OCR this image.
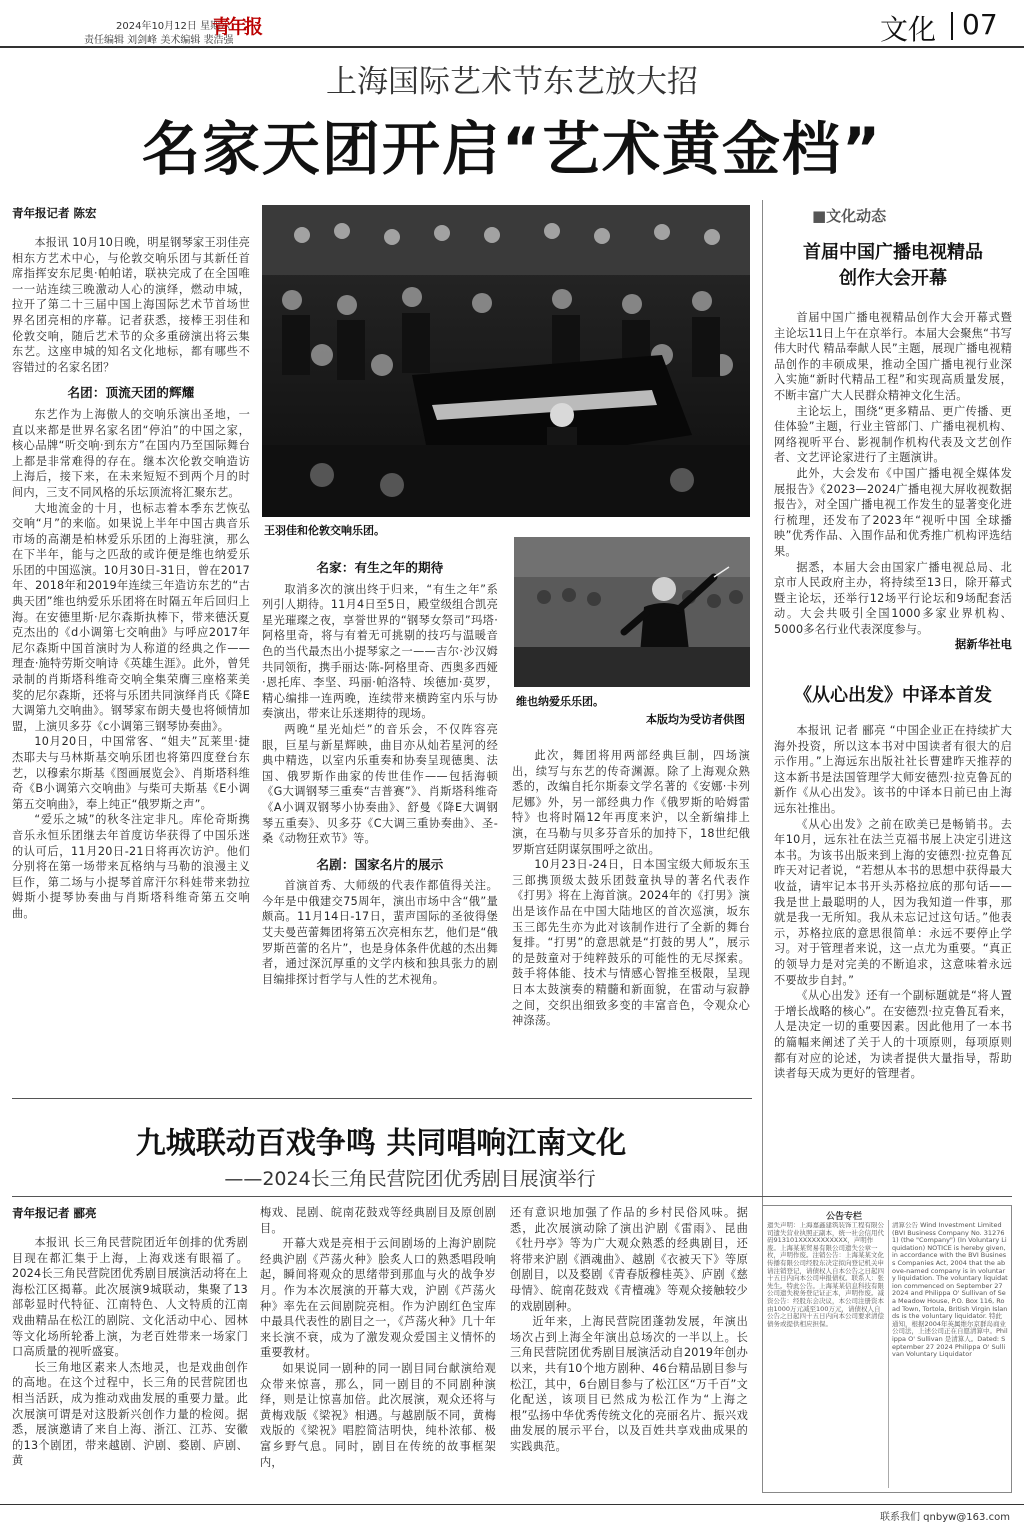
2024年10月12日 星期六
责任编辑 刘剑峰 美术编辑 裴浩强
青年报	文化 07
上海国际艺术节东艺放大招
名家天团开启“艺术黄金档”
青年报记者 陈宏

本报讯 10月10日晚，明星钢琴家王羽佳亮相东方艺术中心，与伦敦交响乐团与其新任首席指挥安东尼奥·帕帕诺，联袂完成了在全国唯一一站连续三晚激动人心的演绎，燃动申城，拉开了第二十三届中国上海国际艺术节首场世界名团亮相的序幕。记者获悉，接棒王羽佳和伦敦交响，随后艺术节的众多重磅演出将云集东艺。这座申城的知名文化地标，都有哪些不容错过的名家名团？

名团：顶流天团的辉耀

东艺作为上海傲人的交响乐演出圣地，一直以来都是世界名家名团“停泊”的中国之家，核心品牌“听交响·到东方”在国内乃至国际舞台上都是非常难得的存在。继本次伦敦交响造访上海后，接下来，在未来短短不到两个月的时间内，三支不同风格的乐坛顶流将汇聚东艺。

大地流金的十月，也标志着本季东艺恢弘交响“月”的来临。如果说上半年中国古典音乐市场的高潮是柏林爱乐乐团的上海驻演，那么在下半年，能与之匹敌的或许便是维也纳爱乐乐团的中国巡演。10月30日-31日，曾在2017年、2018年和2019年连续三年造访东艺的“古典天团”维也纳爱乐乐团将在时隔五年后回归上海。在安德里斯·尼尔森斯执棒下，带来德沃夏克杰出的《d小调第七交响曲》与呼应2017年尼尔森斯中国首演时为人称道的经典之作——理查·施特劳斯交响诗《英雄生涯》。此外，曾凭录制的肖斯塔科维奇交响全集荣膺三座格莱美奖的尼尔森斯，还将与乐团共同演绎肖氏《降E大调第九交响曲》。钢琴家布朗夫曼也将倾情加盟，上演贝多芬《c小调第三钢琴协奏曲》。

10月20日，中国常客、“姐夫”瓦莱里·捷杰耶夫与马林斯基交响乐团也将第四度登台东艺，以穆索尔斯基《图画展览会》、肖斯塔科维奇《B小调第六交响曲》与柴可夫斯基《E小调第五交响曲》，奉上纯正“俄罗斯之声”。

“爱乐之城”的秋冬注定非凡。库伦奇斯携音乐永恒乐团继去年首度访华获得了中国乐迷的认可后，11月20日-21日将再次访沪。他们分别将在第一场带来瓦格纳与马勒的浪漫主义巨作，第二场与小提琴首席汗尔科娃带来勃拉姆斯小提琴协奏曲与肖斯塔科维奇第五交响曲。

王羽佳和伦敦交响乐团。
名家：有生之年的期待

取消多次的演出终于归来，“有生之年”系列引人期待。11月4日至5日，殿堂级组合凯亮星光璀璨之夜，享誉世界的“钢琴女祭司”玛塔·阿格里奇，将与有着无可挑剔的技巧与温暖音色的当代最杰出小提琴家之一——吉尔·沙汉姆共同领衔，携手丽达·陈-阿格里奇、西奥多西娅·恩托库、李坚、玛丽·帕洛特、埃德加·莫罗，精心编排一连两晚，连续带来横跨室内乐与协奏演出，带来让乐迷期待的现场。

两晚“星光灿烂”的音乐会，不仅阵容亮眼，巨星与新星辉映，曲目亦从灿若星河的经典中精选，以室内乐重奏和协奏呈现德奥、法国、俄罗斯作曲家的传世佳作——包括海顿《G大调钢琴三重奏“吉普赛”》、肖斯塔科维奇《A小调双钢琴小协奏曲》、舒曼《降E大调钢琴五重奏》、贝多芬《C大调三重协奏曲》、圣-桑《动物狂欢节》等。

名剧：国家名片的展示

首演首秀、大师级的代表作都值得关注。今年是中俄建交75周年，演出市场中含“俄”量颇高。11月14日-17日，蜚声国际的圣彼得堡艾夫曼芭蕾舞团将第五次亮相东艺，他们是“俄罗斯芭蕾的名片”，也是身体条件优越的杰出舞者，通过深沉厚重的文学内核和独具张力的剧目编排探讨哲学与人性的艺术视角。

维也纳爱乐乐团。
本版均为受访者供图

此次，舞团将用两部经典巨制，四场演出，续写与东艺的传奇渊源。除了上海观众熟悉的，改编自托尔斯泰文学名著的《安娜·卡列尼娜》外，另一部经典力作《俄罗斯的哈姆雷特》也将时隔12年再度来沪，以全新编排上演，在马勒与贝多芬音乐的加持下，18世纪俄罗斯宫廷阴谋氛围呼之欲出。

10月23日-24日，日本国宝级大师坂东玉三郎携顶级太鼓乐团鼓童执导的著名代表作《打男》将在上海首演。2024年的《打男》演出是该作品在中国大陆地区的首次巡演，坂东玉三郎先生亦为此对该制作进行了全新的舞台复排。“打男”的意思就是“打鼓的男人”，展示的是鼓童对于纯粹鼓乐的可能性的无尽探索。鼓手将体能、技术与情感心智推至极限，呈现日本太鼓演奏的精髓和新面貌，在雷动与寂静之间，交织出细致多变的丰富音色，令观众心神涤荡。

■文化动态
首届中国广播电视精品创作大会开幕

首届中国广播电视精品创作大会开幕式暨主论坛11日上午在京举行。本届大会聚焦“书写伟大时代 精品奉献人民”主题，展现广播电视精品创作的丰硕成果，推动全国广播电视行业深入实施“新时代精品工程”和实现高质量发展，不断丰富广大人民群众精神文化生活。

主论坛上，围绕“更多精品、更广传播、更佳体验”主题，行业主管部门、广播电视机构、网络视听平台、影视制作机构代表及文艺创作者、文艺评论家进行了主题演讲。

此外，大会发布《中国广播电视全媒体发展报告》《2023—2024广播电视大屏收视数据报告》，对全国广播电视工作发生的显著变化进行梳理，还发布了2023年“视听中国 全球播映”优秀作品、入围作品和优秀推广机构评选结果。

据悉，本届大会由国家广播电视总局、北京市人民政府主办，将持续至13日，除开幕式暨主论坛，还举行12场平行论坛和9场配套活动。大会共吸引全国1000多家业界机构、5000多名行业代表深度参与。

据新华社电
《从心出发》中译本首发

本报讯 记者 郦亮 “中国企业正在持续扩大海外投资，所以这本书对中国读者有很大的启示作用。”上海远东出版社社长曹建昨天推荐的这本新书是法国管理学大师安德烈·拉克鲁瓦的新作《从心出发》。该书的中译本日前已由上海远东社推出。

《从心出发》之前在欧美已是畅销书。去年10月，远东社在法兰克福书展上决定引进这本书。为该书出版来到上海的安德烈·拉克鲁瓦昨天对记者说，“若想从本书的思想中获得最大收益，请牢记本书开头苏格拉底的那句话——我是世上最聪明的人，因为我知道一件事，那就是我一无所知。我从未忘记过这句话。”他表示，苏格拉底的意思很简单：永远不要停止学习。对于管理者来说，这一点尤为重要。“真正的领导力是对完美的不断追求，这意味着永远不要故步自封。”

《从心出发》还有一个副标题就是“将人置于增长战略的核心”。在安德烈·拉克鲁瓦看来，人是决定一切的重要因素。因此他用了一本书的篇幅来阐述了关于人的十项原则，每项原则都有对应的论述，为读者提供大量指导，帮助读者每天成为更好的管理者。

九城联动百戏争鸣 共同唱响江南文化
——2024长三角民营院团优秀剧目展演举行
青年报记者 郦亮

本报讯 长三角民营院团近年创排的优秀剧目现在都汇集于上海，上海戏迷有眼福了。2024长三角民营院团优秀剧目展演活动将在上海松江区揭幕。此次展演9城联动，集聚了13部彰显时代特征、江南特色、人文特质的江南戏曲精品在松江的剧院、文化活动中心、园林等文化场所轮番上演，为老百姓带来一场家门口高质量的视听盛宴。

长三角地区素来人杰地灵，也是戏曲创作的高地。在这个过程中，长三角的民营院团也相当活跃，成为推动戏曲发展的重要力量。此次展演可谓是对这股新兴创作力量的检阅。据悉，展演邀请了来自上海、浙江、江苏、安徽的13个剧团，带来越剧、沪剧、婺剧、庐剧、黄

梅戏、昆剧、皖南花鼓戏等经典剧目及原创剧目。

开幕大戏是亮相于云间剧场的上海沪剧院经典沪剧《芦荡火种》脍炙人口的熟悉唱段响起，瞬间将观众的思绪带到那血与火的战争岁月。作为本次展演的开幕大戏，沪剧《芦荡火种》率先在云间剧院亮相。作为沪剧红色宝库中最具代表性的剧目之一，《芦荡火种》几十年来长演不衰，成为了激发观众爱国主义情怀的重要教材。

如果说同一剧种的同一剧目同台献演给观众带来惊喜，那么，同一剧目的不同剧种演绎，则是让惊喜加倍。此次展演，观众还将与黄梅戏版《梁祝》相遇。与越剧版不同，黄梅戏版的《梁祝》唱腔简洁明快，纯朴浓郁、极富乡野气息。同时，剧目在传统的故事框架内，

还有意识地加强了作品的乡村民俗风味。据悉，此次展演动除了演出沪剧《雷雨》、昆曲《牡丹亭》等为广大观众熟悉的经典剧目，还将带来沪剧《酒魂曲》、越剧《衣被天下》等原创剧目，以及婺剧《青春版穆桂英》、庐剧《慈母情》、皖南花鼓戏《青檀魂》等观众接触较少的戏剧剧种。

近年来，上海民营院团蓬勃发展，年演出场次占到上海全年演出总场次的一半以上。长三角民营院团优秀剧目展演活动自2019年创办以来，共有10个地方剧种、46台精品剧目参与松江，其中，6台剧目参与了松江区“万千百”文化配送，该项目已然成为松江作为“上海之根”弘扬中华优秀传统文化的亮丽名片、振兴戏曲发展的展示平台，以及百姓共享戏曲成果的实践典范。

公告专栏
遗失声明：上海嘉鑫建筑装饰工程有限公司遗失营业执照正副本，统一社会信用代码913101XXXXXXXXXXX，声明作废。上海某某贸易有限公司遗失公章一枚，声明作废。注销公告：上海某某文化传播有限公司经股东决定拟向登记机关申请注销登记，请债权人自本公告之日起四十五日内向本公司申报债权。联系人：张先生。特此公告。上海某某信息科技有限公司遗失税务登记证正本，声明作废。减资公告：经股东会决议，本公司注册资本由1000万元减至100万元，请债权人自公告之日起四十五日内向本公司要求清偿债务或提供相应担保。
清算公告 Wind Investment Limited (BVI Business Company No. 312761) (the "Company") (In Voluntary Liquidation) NOTICE is hereby given, in accordance with the BVI Business Companies Act, 2004 that the above-named company is in voluntary liquidation. The voluntary liquidation commenced on September 27 2024 and Philippa O' Sullivan of Sea Meadow House, P.O. Box 116, Road Town, Tortola, British Virgin Islands is the voluntary liquidator. 特此通知，根据2004年英属维尔京群岛商业公司法，上述公司正在自愿清算中。Philippa O' Sullivan 是清算人。Dated: September 27 2024 Philippa O' Sullivan Voluntary Liquidator
联系我们 qnbyw@163.com
